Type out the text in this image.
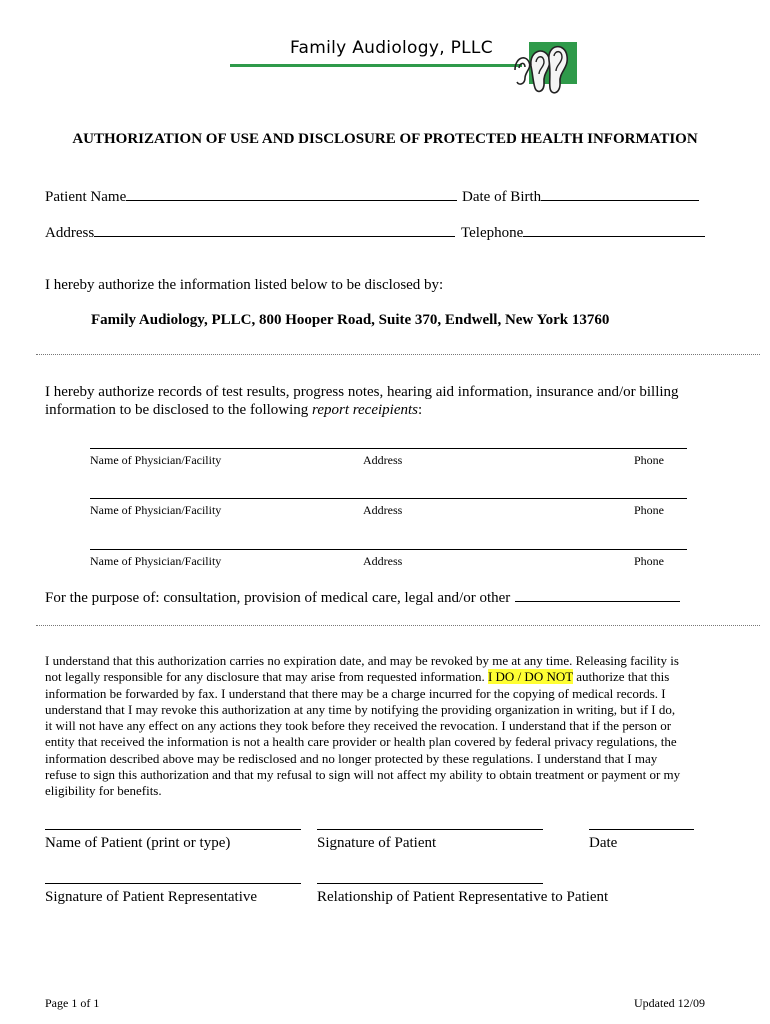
Family Audiology, PLLC
AUTHORIZATION OF USE AND DISCLOSURE OF PROTECTED HEALTH INFORMATION
Patient Name	Date of Birth
Address	Telephone
I hereby authorize the information listed below to be disclosed by:
Family Audiology, PLLC, 800 Hooper Road, Suite 370, Endwell, New York 13760
I hereby authorize records of test results, progress notes, hearing aid information, insurance and/or billing
information to be disclosed to the following report receipients:
Name of Physician/Facility	Address	Phone
Name of Physician/Facility	Address	Phone
Name of Physician/Facility	Address	Phone
For the purpose of: consultation, provision of medical care, legal and/or other
I understand that this authorization carries no expiration date, and may be revoked by me at any time. Releasing facility is
not legally responsible for any disclosure that may arise from requested information. I DO / DO NOT authorize that this
information be forwarded by fax. I understand that there may be a charge incurred for the copying of medical records. I
understand that I may revoke this authorization at any time by notifying the providing organization in writing, but if I do,
it will not have any effect on any actions they took before they received the revocation. I understand that if the person or
entity that received the information is not a health care provider or health plan covered by federal privacy regulations, the
information described above may be redisclosed and no longer protected by these regulations. I understand that I may
refuse to sign this authorization and that my refusal to sign will not affect my ability to obtain treatment or payment or my
eligibility for benefits.
Name of Patient (print or type)	Signature of Patient	Date
Signature of Patient Representative	Relationship of Patient Representative to Patient
Page 1 of 1	Updated 12/09
